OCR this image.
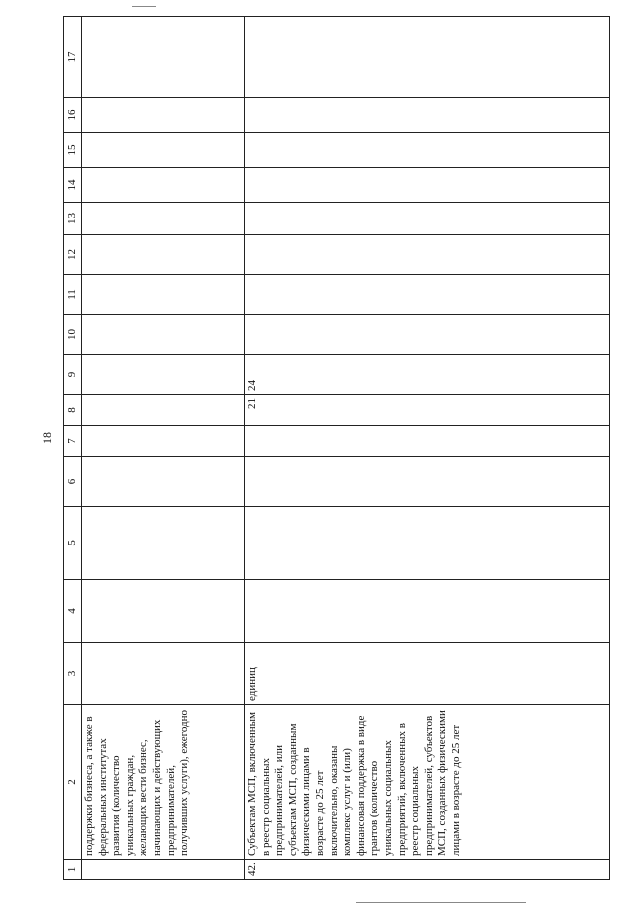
18
1	2	3	4	5	6	7	8	9	10	11	12	13	14	15	16	17
	поддержки бизнеса, а также в федеральных институтах развития (количество уникальных граждан, желающих вести бизнес, начинающих и действующих предпринимателей, получивших услуги), ежегодно															
42.	Субъектам МСП, включенным в реестр социальных предпринимателей, или субъектам МСП, созданным физическими лицами в возрасте до 25 лет включительно, оказаны комплекс услуг и (или) финансовая поддержка в виде грантов (количество уникальных социальных предприятий, включенных в реестр социальных предпринимателей, субъектов МСП, созданных физическими лицами в возрасте до 25 лет	единиц					21	24								
